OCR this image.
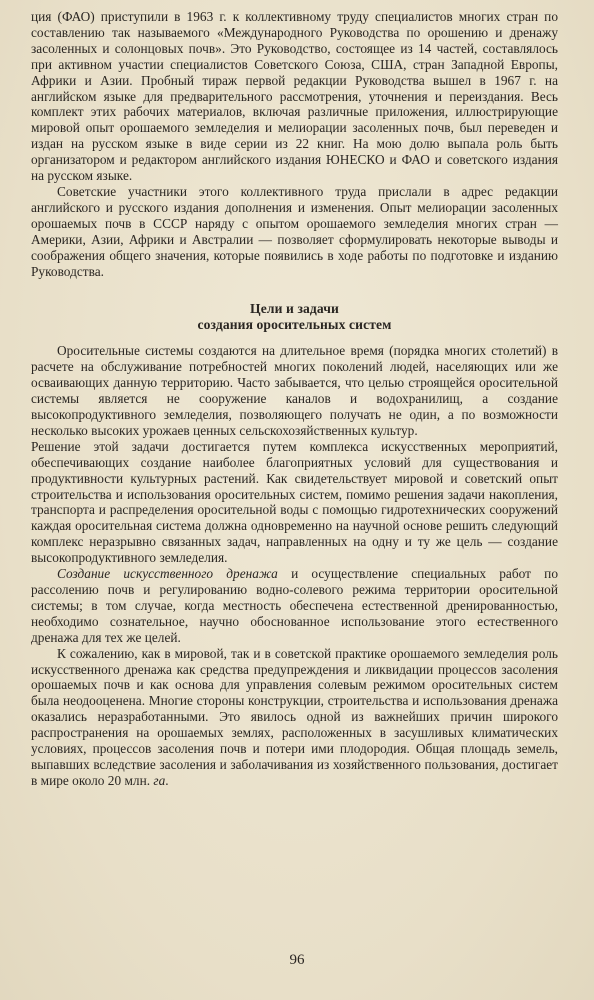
ция (ФАО) приступили в 1963 г. к коллективному труду специалистов многих стран по составлению так называемого «Международного Руководства по орошению и дренажу засоленных и солонцовых почв». Это Руководство, состоящее из 14 частей, составлялось при активном участии специалистов Советского Союза, США, стран Западной Европы, Африки и Азии. Пробный тираж первой редакции Руководства вышел в 1967 г. на английском языке для предварительного рассмотрения, уточнения и переиздания. Весь комплект этих рабочих материалов, включая различные приложения, иллюстрирующие мировой опыт орошаемого земледелия и мелиорации засоленных почв, был переведен и издан на русском языке в виде серии из 22 книг. На мою долю выпала роль быть организатором и редактором английского издания ЮНЕСКО и ФАО и советского издания на русском языке.

Советские участники этого коллективного труда прислали в адрес редакции английского и русского издания дополнения и изменения. Опыт мелиорации засоленных орошаемых почв в СССР наряду с опытом орошаемого земледелия многих стран — Америки, Азии, Африки и Австралии — позволяет сформулировать некоторые выводы и соображения общего значения, которые появились в ходе работы по подготовке и изданию Руководства.

Цели и задачи
создания оросительных систем

Оросительные системы создаются на длительное время (порядка многих столетий) в расчете на обслуживание потребностей многих поколений людей, населяющих или же осваивающих данную территорию. Часто забывается, что целью строящейся оросительной системы является не сооружение каналов и водохранилищ, а создание высокопродуктивного земледелия, позволяющего получать не один, а по возможности несколько высоких урожаев ценных сельскохозяйственных культур.

Решение этой задачи достигается путем комплекса искусственных мероприятий, обеспечивающих создание наиболее благоприятных условий для существования и продуктивности культурных растений. Как свидетельствует мировой и советский опыт строительства и использования оросительных систем, помимо решения задачи накопления, транспорта и распределения оросительной воды с помощью гидротехнических сооружений каждая оросительная система должна одновременно на научной основе решить следующий комплекс неразрывно связанных задач, направленных на одну и ту же цель — создание высокопродуктивного земледелия.

Создание искусственного дренажа и осуществление специальных работ по рассолению почв и регулированию водно-солевого режима территории оросительной системы; в том случае, когда местность обеспечена естественной дренированностью, необходимо сознательное, научно обоснованное использование этого естественного дренажа для тех же целей.

К сожалению, как в мировой, так и в советской практике орошаемого земледелия роль искусственного дренажа как средства предупреждения и ликвидации процессов засоления орошаемых почв и как основа для управления солевым режимом оросительных систем была неодооценена. Многие стороны конструкции, строительства и использования дренажа оказались неразработанными. Это явилось одной из важнейших причин широкого распространения на орошаемых землях, расположенных в засушливых климатических условиях, процессов засоления почв и потери ими плодородия. Общая площадь земель, выпавших вследствие засоления и заболачивания из хозяйственного пользования, достигает в мире около 20 млн. га.

96
